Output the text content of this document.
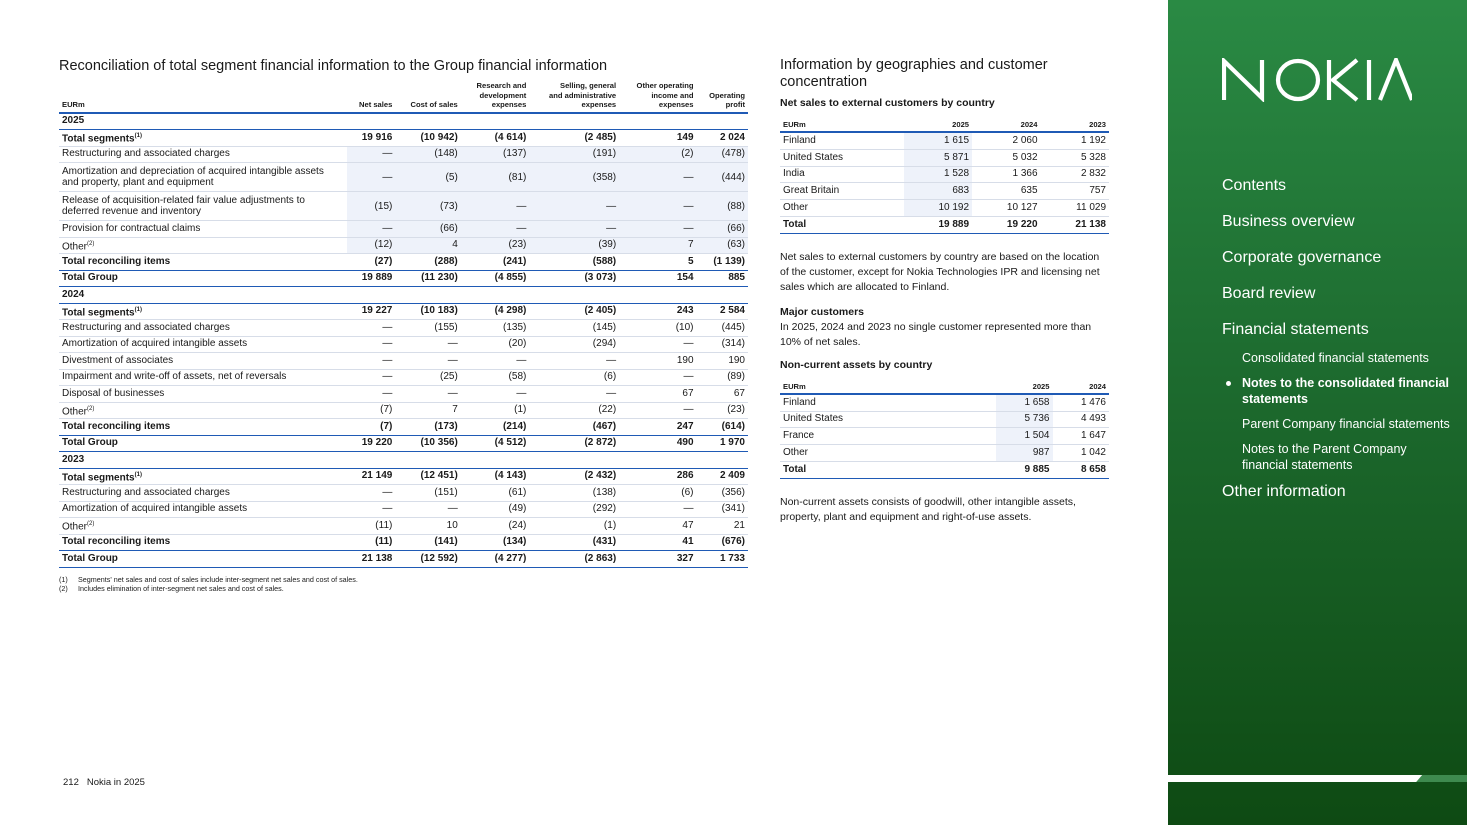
Reconciliation of total segment financial information to the Group financial information
EURm	Net sales	Cost of sales	Research and
development
expenses	Selling, general
and administrative
expenses	Other operating
income and
expenses	Operating
profit
2025						
Total segments$^{(1)}$	19 916	(10 942)	(4 614)	(2 485)	149	2 024
Restructuring and associated charges	—	(148)	(137)	(191)	(2)	(478)
Amortization and depreciation of acquired intangible assets
and property, plant and equipment	—	(5)	(81)	(358)	—	(444)
Release of acquisition-related fair value adjustments to
deferred revenue and inventory	(15)	(73)	—	—	—	(88)
Provision for contractual claims	—	(66)	—	—	—	(66)
Other$^{(2)}$	(12)	4	(23)	(39)	7	(63)
Total reconciling items	(27)	(288)	(241)	(588)	5	(1 139)
Total Group	19 889	(11 230)	(4 855)	(3 073)	154	885
2024						
Total segments$^{(1)}$	19 227	(10 183)	(4 298)	(2 405)	243	2 584
Restructuring and associated charges	—	(155)	(135)	(145)	(10)	(445)
Amortization of acquired intangible assets	—	—	(20)	(294)	—	(314)
Divestment of associates	—	—	—	—	190	190
Impairment and write-off of assets, net of reversals	—	(25)	(58)	(6)	—	(89)
Disposal of businesses	—	—	—	—	67	67
Other$^{(2)}$	(7)	7	(1)	(22)	—	(23)
Total reconciling items	(7)	(173)	(214)	(467)	247	(614)
Total Group	19 220	(10 356)	(4 512)	(2 872)	490	1 970
2023						
Total segments$^{(1)}$	21 149	(12 451)	(4 143)	(2 432)	286	2 409
Restructuring and associated charges	—	(151)	(61)	(138)	(6)	(356)
Amortization of acquired intangible assets	—	—	(49)	(292)	—	(341)
Other$^{(2)}$	(11)	10	(24)	(1)	47	21
Total reconciling items	(11)	(141)	(134)	(431)	41	(676)
Total Group	21 138	(12 592)	(4 277)	(2 863)	327	1 733
(1) Segments' net sales and cost of sales include inter-segment net sales and cost of sales.
(2) Includes elimination of inter-segment net sales and cost of sales.
Information by geographies and customer concentration
Net sales to external customers by country
EURm	2025	2024	2023
Finland	1 615	2 060	1 192
United States	5 871	5 032	5 328
India	1 528	1 366	2 832
Great Britain	683	635	757
Other	10 192	10 127	11 029
Total	19 889	19 220	21 138

Net sales to external customers by country are based on the location of the customer, except for Nokia Technologies IPR and licensing net sales which are allocated to Finland.

Major customers
In 2025, 2024 and 2023 no single customer represented more than 10% of net sales.

Non-current assets by country
EURm	2025	2024
Finland	1 658	1 476
United States	5 736	4 493
France	1 504	1 647
Other	987	1 042
Total	9 885	8 658

Non-current assets consists of goodwill, other intangible assets, property, plant and equipment and right-of-use assets.

212 Nokia in 2025
Contents
Business overview
Corporate governance
Board review
Financial statements
Consolidated financial statements
Notes to the consolidated financial statements
Parent Company financial statements
Notes to the Parent Company financial statements
Other information
